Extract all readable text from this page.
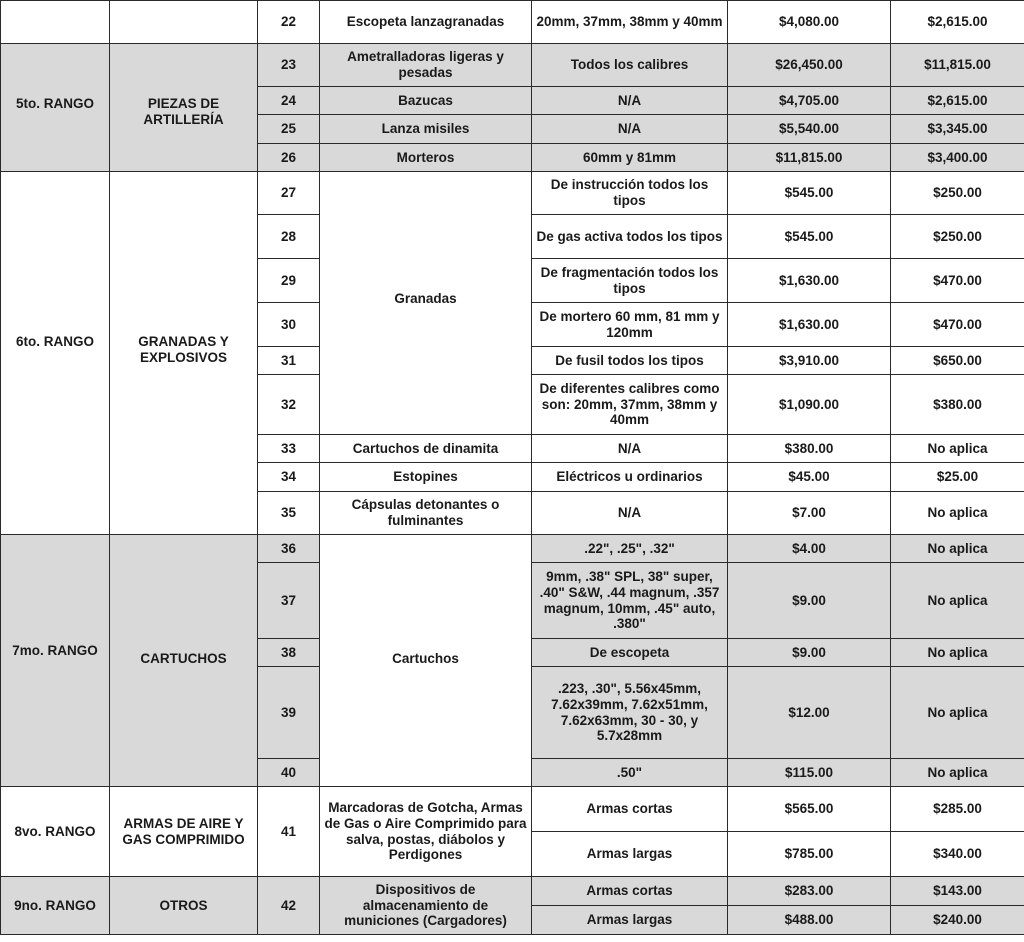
		22	Escopeta lanzagranadas	20mm, 37mm, 38mm y 40mm	$4,080.00	$2,615.00

5to. RANGO	PIEZAS DE ARTILLERÍA	23	Ametralladoras ligeras y pesadas	Todos los calibres	$26,450.00	$11,815.00
		24	Bazucas	N/A	$4,705.00	$2,615.00
		25	Lanza misiles	N/A	$5,540.00	$3,345.00
		26	Morteros	60mm y 81mm	$11,815.00	$3,400.00

6to. RANGO	GRANADAS Y EXPLOSIVOS	27	Granadas	De instrucción todos los tipos	$545.00	$250.00
		28		De gas activa todos los tipos	$545.00	$250.00
		29		De fragmentación todos los tipos	$1,630.00	$470.00
		30		De mortero 60 mm, 81 mm y 120mm	$1,630.00	$470.00
		31		De fusil todos los tipos	$3,910.00	$650.00
		32		De diferentes calibres como son: 20mm, 37mm, 38mm y 40mm	$1,090.00	$380.00
		33	Cartuchos de dinamita	N/A	$380.00	No aplica
		34	Estopines	Eléctricos u ordinarios	$45.00	$25.00
		35	Cápsulas detonantes o fulminantes	N/A	$7.00	No aplica

7mo. RANGO	CARTUCHOS	36	Cartuchos	.22", .25", .32"	$4.00	No aplica
		37		9mm, .38" SPL, 38" super, .40" S&W, .44 magnum, .357 magnum, 10mm, .45" auto, .380"	$9.00	No aplica
		38		De escopeta	$9.00	No aplica
		39		.223, .30", 5.56x45mm, 7.62x39mm, 7.62x51mm, 7.62x63mm, 30 - 30, y 5.7x28mm	$12.00	No aplica
		40		.50"	$115.00	No aplica
8vo. RANGO	ARMAS DE AIRE Y GAS COMPRIMIDO	41	Marcadoras de Gotcha, Armas de Gas o Aire Comprimido para salva, postas, diábolos y Perdigones	Armas cortas	$565.00	$285.00
				Armas largas	$785.00	$340.00
9no. RANGO	OTROS	42	Dispositivos de almacenamiento de municiones (Cargadores)	Armas cortas	$283.00	$143.00
				Armas largas	$488.00	$240.00
